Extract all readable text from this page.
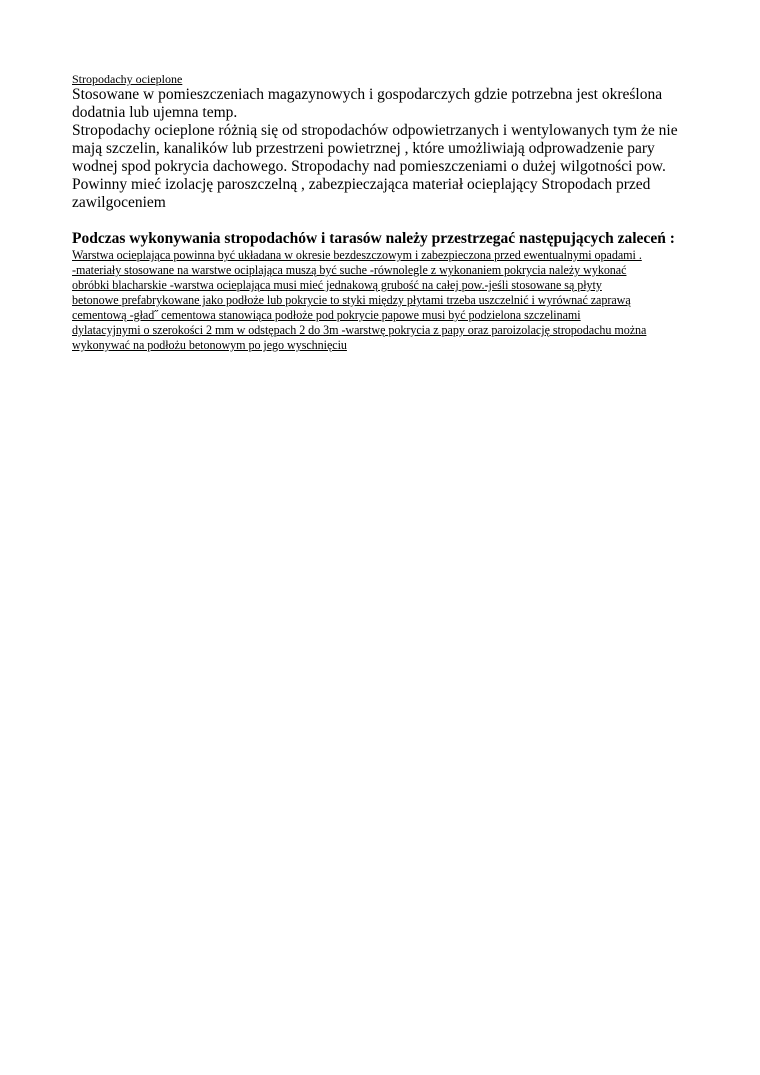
Stropodachy ocieplone

Stosowane w pomieszczeniach magazynowych i gospodarczych gdzie potrzebna jest określona
dodatnia lub ujemna temp.

Stropodachy ocieplone różnią się od stropodachów odpowietrzanych i wentylowanych tym że nie
mają szczelin, kanalików lub przestrzeni powietrznej , które umożliwiają odprowadzenie pary
wodnej spod pokrycia dachowego. Stropodachy nad pomieszczeniami o dużej wilgotności pow.
Powinny mieć izolację paroszczelną , zabezpieczająca materiał ocieplający Stropodach przed
zawilgoceniem

Podczas wykonywania stropodachów i tarasów należy przestrzegać następujących zaleceń :

Warstwa ocieplająca powinna być układana w okresie bezdeszczowym i zabezpieczona przed ewentualnymi opadami .
-materiały stosowane na warstwe ociplająca muszą być suche -równolegle z wykonaniem pokrycia należy wykonać
obróbki blacharskie -warstwa ocieplająca musi mieć jednakową grubość na całej pow.-jeśli stosowane są płyty
betonowe prefabrykowane jako podłoże lub pokrycie to styki między płytami trzeba uszczelnić i wyrównać zaprawą
cementową -gład˝ cementowa stanowiąca podłoże pod pokrycie papowe musi być podzielona szczelinami
dylatacyjnymi o szerokości 2 mm w odstępach 2 do 3m -warstwę pokrycia z papy oraz paroizolację stropodachu można
wykonywać na podłożu betonowym po jego wyschnięciu
